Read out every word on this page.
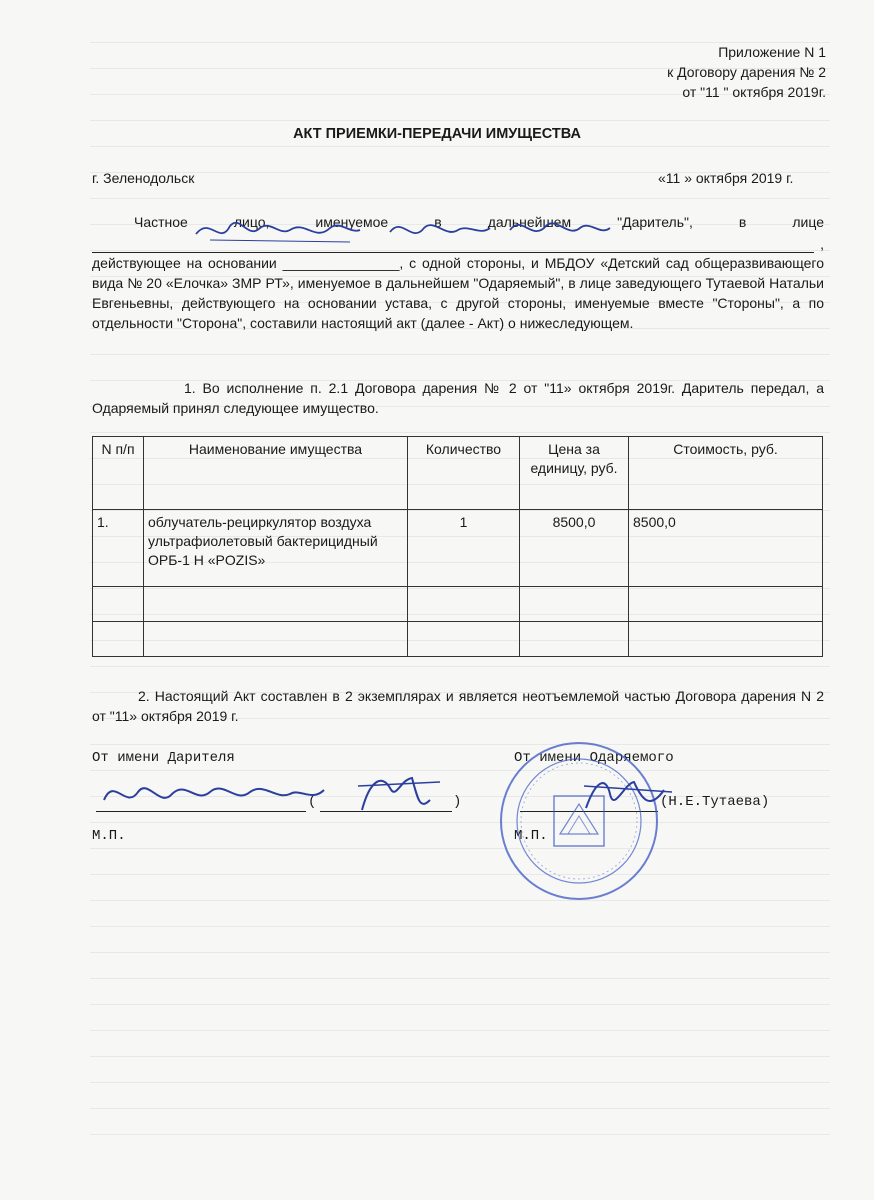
Приложение N 1
к Договору дарения № 2
от "11 " октября 2019г.
АКТ ПРИЕМКИ-ПЕРЕДАЧИ ИМУЩЕСТВА
г. Зеленодольск	«11 » октября 2019 г.
Частное лицо, именуемое в дальнейшем "Даритель", в лице
,
действующее на основании _______________, с одной стороны, и МБДОУ «Детский сад общеразвивающего вида № 20 «Елочка» ЗМР РТ», именуемое в дальнейшем "Одаряемый", в лице заведующего Тутаевой Натальи Евгеньевны, действующего на основании устава, с другой стороны, именуемые вместе "Стороны", а по отдельности "Сторона", составили настоящий акт (далее - Акт) о нижеследующем.
1. Во исполнение п. 2.1 Договора дарения № 2 от "11» октября 2019г. Даритель передал, а Одаряемый принял следующее имущество.
N п/п	Наименование имущества	Количество	Цена за единицу, руб.	Стоимость, руб.
1.	облучатель-рециркулятор воздуха ультрафиолетовый бактерицидный ОРБ-1 Н «POZIS»	1	8500,0	8500,0

2. Настоящий Акт составлен в 2 экземплярах и является неотъемлемой частью Договора дарения N 2 от "11» октября 2019 г.
От имени Дарителя	От имени Одаряемого
(	)	(Н.Е.Тутаева)
М.П.	М.П.
